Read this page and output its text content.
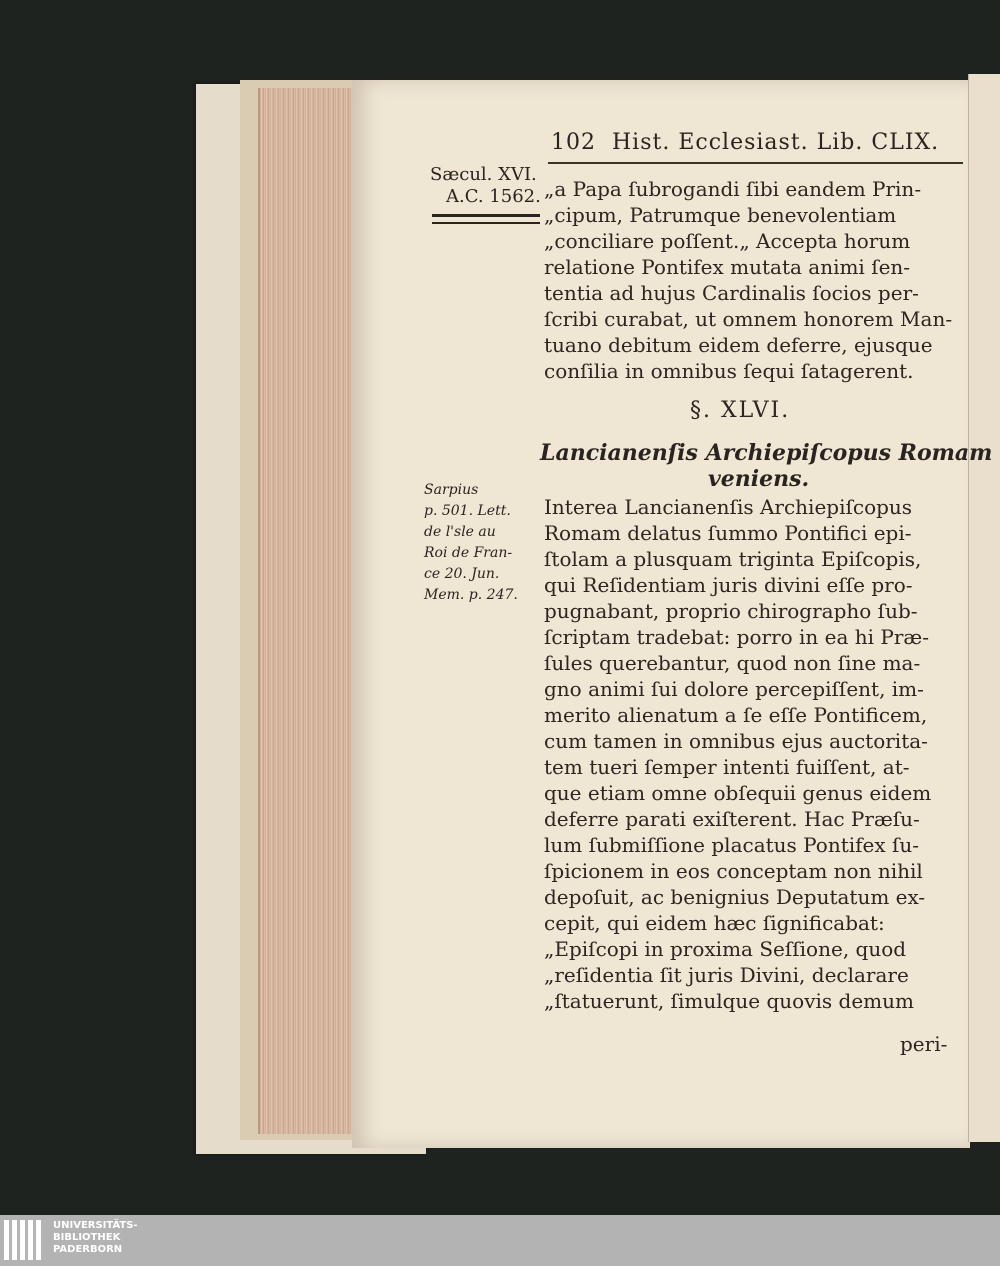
102 Hist. Ecclesiast. Lib. CLIX.
Sæcul. XVI.
A.C. 1562. „a Papa ſubrogandi ſibi eandem Prin-
„cipum, Patrumque benevolentiam
„conciliare poſſent.„ Accepta horum
relatione Pontifex mutata animi ſen-
tentia ad hujus Cardinalis ſocios per-
ſcribi curabat, ut omnem honorem Man-
tuano debitum eidem deferre, ejusque
conſilia in omnibus ſequi ſatagerent.
§. XLVI.
Lancianenſis Archiepiſcopus Romam
veniens.
Sarpius
p. 501. Lett.
de l'sle au
Roi de Fran-
ce 20. Jun.
Mem. p. 247.
Interea Lancianenſis Archiepiſcopus
Romam delatus ſummo Pontifici epi-
ſtolam a plusquam triginta Epiſcopis,
qui Reſidentiam juris divini eſſe pro-
pugnabant, proprio chirographo ſub-
ſcriptam tradebat: porro in ea hi Præ-
ſules querebantur, quod non ſine ma-
gno animi ſui dolore percepiſſent, im-
merito alienatum a ſe eſſe Pontificem,
cum tamen in omnibus ejus auctorita-
tem tueri ſemper intenti fuiſſent, at-
que etiam omne obſequii genus eidem
deferre parati exiſterent. Hac Præſu-
lum ſubmiſſione placatus Pontifex ſu-
ſpicionem in eos conceptam non nihil
depoſuit, ac benignius Deputatum ex-
cepit, qui eidem hæc ſignificabat:
„Epiſcopi in proxima Seſſione, quod
„reſidentia ſit juris Divini, declarare
„ſtatuerunt, ſimulque quovis demum
peri-
UNIVERSITÄTS-
BIBLIOTHEK
PADERBORN
